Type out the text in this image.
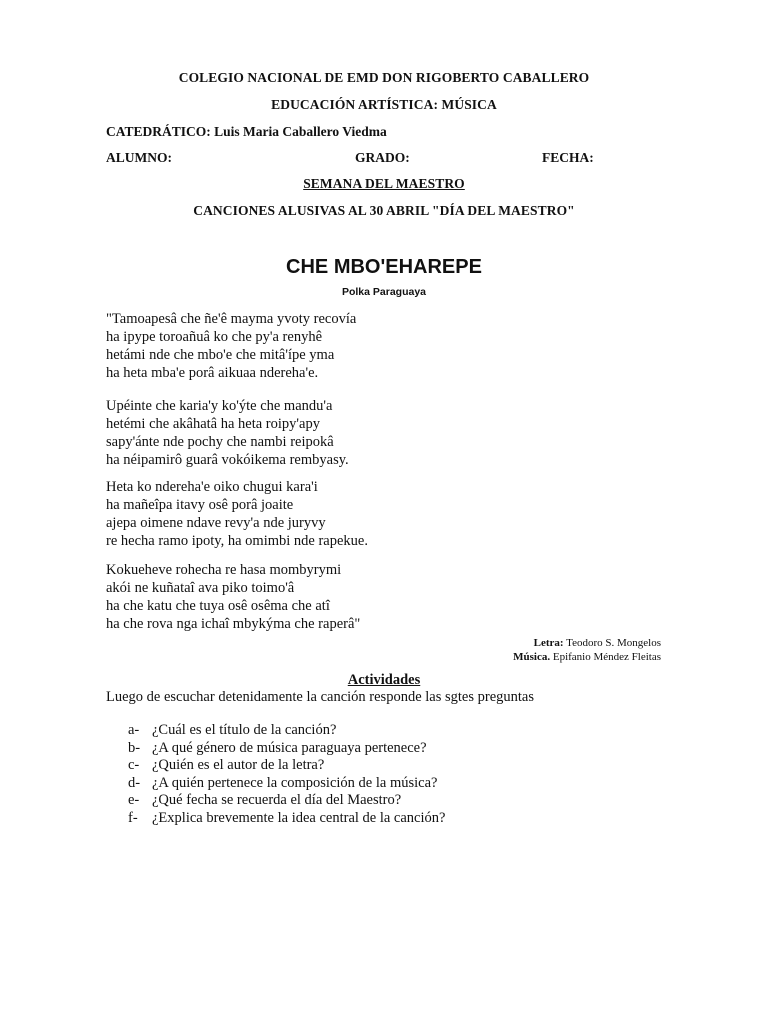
COLEGIO NACIONAL DE EMD DON RIGOBERTO CABALLERO
EDUCACIÓN ARTÍSTICA: MÚSICA
CATEDRÁTICO: Luis Maria Caballero Viedma
ALUMNO:	GRADO:	FECHA:
SEMANA DEL MAESTRO
CANCIONES ALUSIVAS AL 30 ABRIL "DÍA DEL MAESTRO"
CHE MBO'EHAREPE
Polka Paraguaya
"Tamoapesâ che ñe'ê mayma yvoty recovía
ha ipype toroañuâ ko che py'a renyhê
hetámi nde che mbo'e che mitâ'ípe yma
ha heta mba'e porâ aikuaa ndereha'e.
Upéinte che karia'y ko'ýte che mandu'a
hetémi che akâhatâ ha heta roipy'apy
sapy'ánte nde pochy che nambi reipokâ
ha néipamirô guarâ vokóikema rembyasy.
Heta ko ndereha'e oiko chugui kara'i
ha mañeîpa itavy osê porâ joaite
ajepa oimene ndave revy'a nde juryvy
re hecha ramo ipoty, ha omimbi nde rapekue.
Kokueheve rohecha re hasa mombyrymi
akói ne kuñataî ava piko toimo'â
ha che katu che tuya osê osêma che atî
ha che rova nga ichaî mbykýma che raperâ"
Letra: Teodoro S. Mongelos
Música. Epifanio Méndez Fleitas
Actividades
Luego de escuchar detenidamente la canción responde las sgtes preguntas
a- ¿Cuál es el título de la canción?
b- ¿A qué género de música paraguaya pertenece?
c- ¿Quién es el autor de la letra?
d- ¿A quién pertenece la composición de la música?
e- ¿Qué fecha se recuerda el día del Maestro?
f- ¿Explica brevemente la idea central de la canción?
